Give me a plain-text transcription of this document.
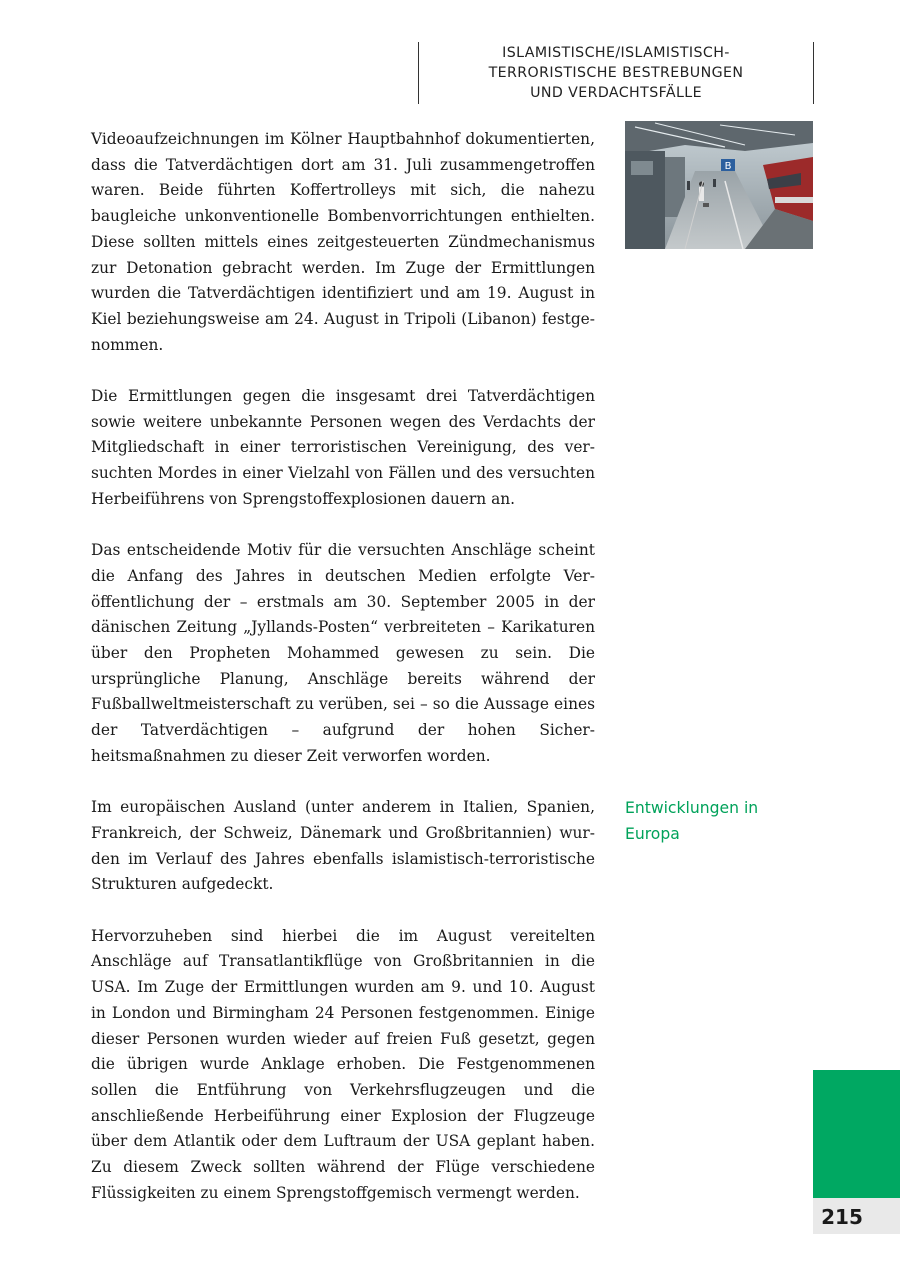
ISLAMISTISCHE/ISLAMISTISCH-
TERRORISTISCHE BESTREBUNGEN
UND VERDACHTSFÄLLE
B

Videoaufzeichnungen im Kölner Hauptbahnhof dokumentierten, dass die Tatverdächtigen dort am 31. Juli zusammengetroffen waren. Beide führten Koffertrolleys mit sich, die nahezu baugleiche unkonventionelle Bombenvorrichtungen enthielten. Diese sollten mittels eines zeitgesteuerten Zündmechanismus zur Detonation gebracht werden. Im Zuge der Ermittlungen wurden die Tatverdächtigen identifiziert und am 19. August in Kiel beziehungsweise am 24. August in Tripoli (Libanon) festgenommen.

Die Ermittlungen gegen die insgesamt drei Tatverdächtigen sowie weitere unbekannte Personen wegen des Verdachts der Mitgliedschaft in einer terroristischen Vereinigung, des versuchten Mordes in einer Vielzahl von Fällen und des versuchten Herbeiführens von Sprengstoffexplosionen dauern an.

Das entscheidende Motiv für die versuchten Anschläge scheint die Anfang des Jahres in deutschen Medien erfolgte Veröffentlichung der – erstmals am 30. September 2005 in der dänischen Zeitung „Jyllands-Posten“ verbreiteten – Karikaturen über den Propheten Mohammed gewesen zu sein. Die ursprüngliche Planung, Anschläge bereits während der Fußballweltmeisterschaft zu verüben, sei – so die Aussage eines der Tatverdächtigen – aufgrund der hohen Sicherheitsmaßnahmen zu dieser Zeit verworfen worden.

Im europäischen Ausland (unter anderem in Italien, Spanien, Frankreich, der Schweiz, Dänemark und Großbritannien) wurden im Verlauf des Jahres ebenfalls islamistisch-terroristische Strukturen aufgedeckt.

Hervorzuheben sind hierbei die im August vereitelten Anschläge auf Transatlantikflüge von Großbritannien in die USA. Im Zuge der Ermittlungen wurden am 9. und 10. August in London und Birmingham 24 Personen festgenommen. Einige dieser Personen wurden wieder auf freien Fuß gesetzt, gegen die übrigen wurde Anklage erhoben. Die Festgenommenen sollen die Entführung von Verkehrsflugzeugen und die anschließende Herbeiführung einer Explosion der Flugzeuge über dem Atlantik oder dem Luftraum der USA geplant haben. Zu diesem Zweck sollten während der Flüge verschiedene Flüssigkeiten zu einem Sprengstoffgemisch vermengt werden.

Entwicklungen in
Europa
215
